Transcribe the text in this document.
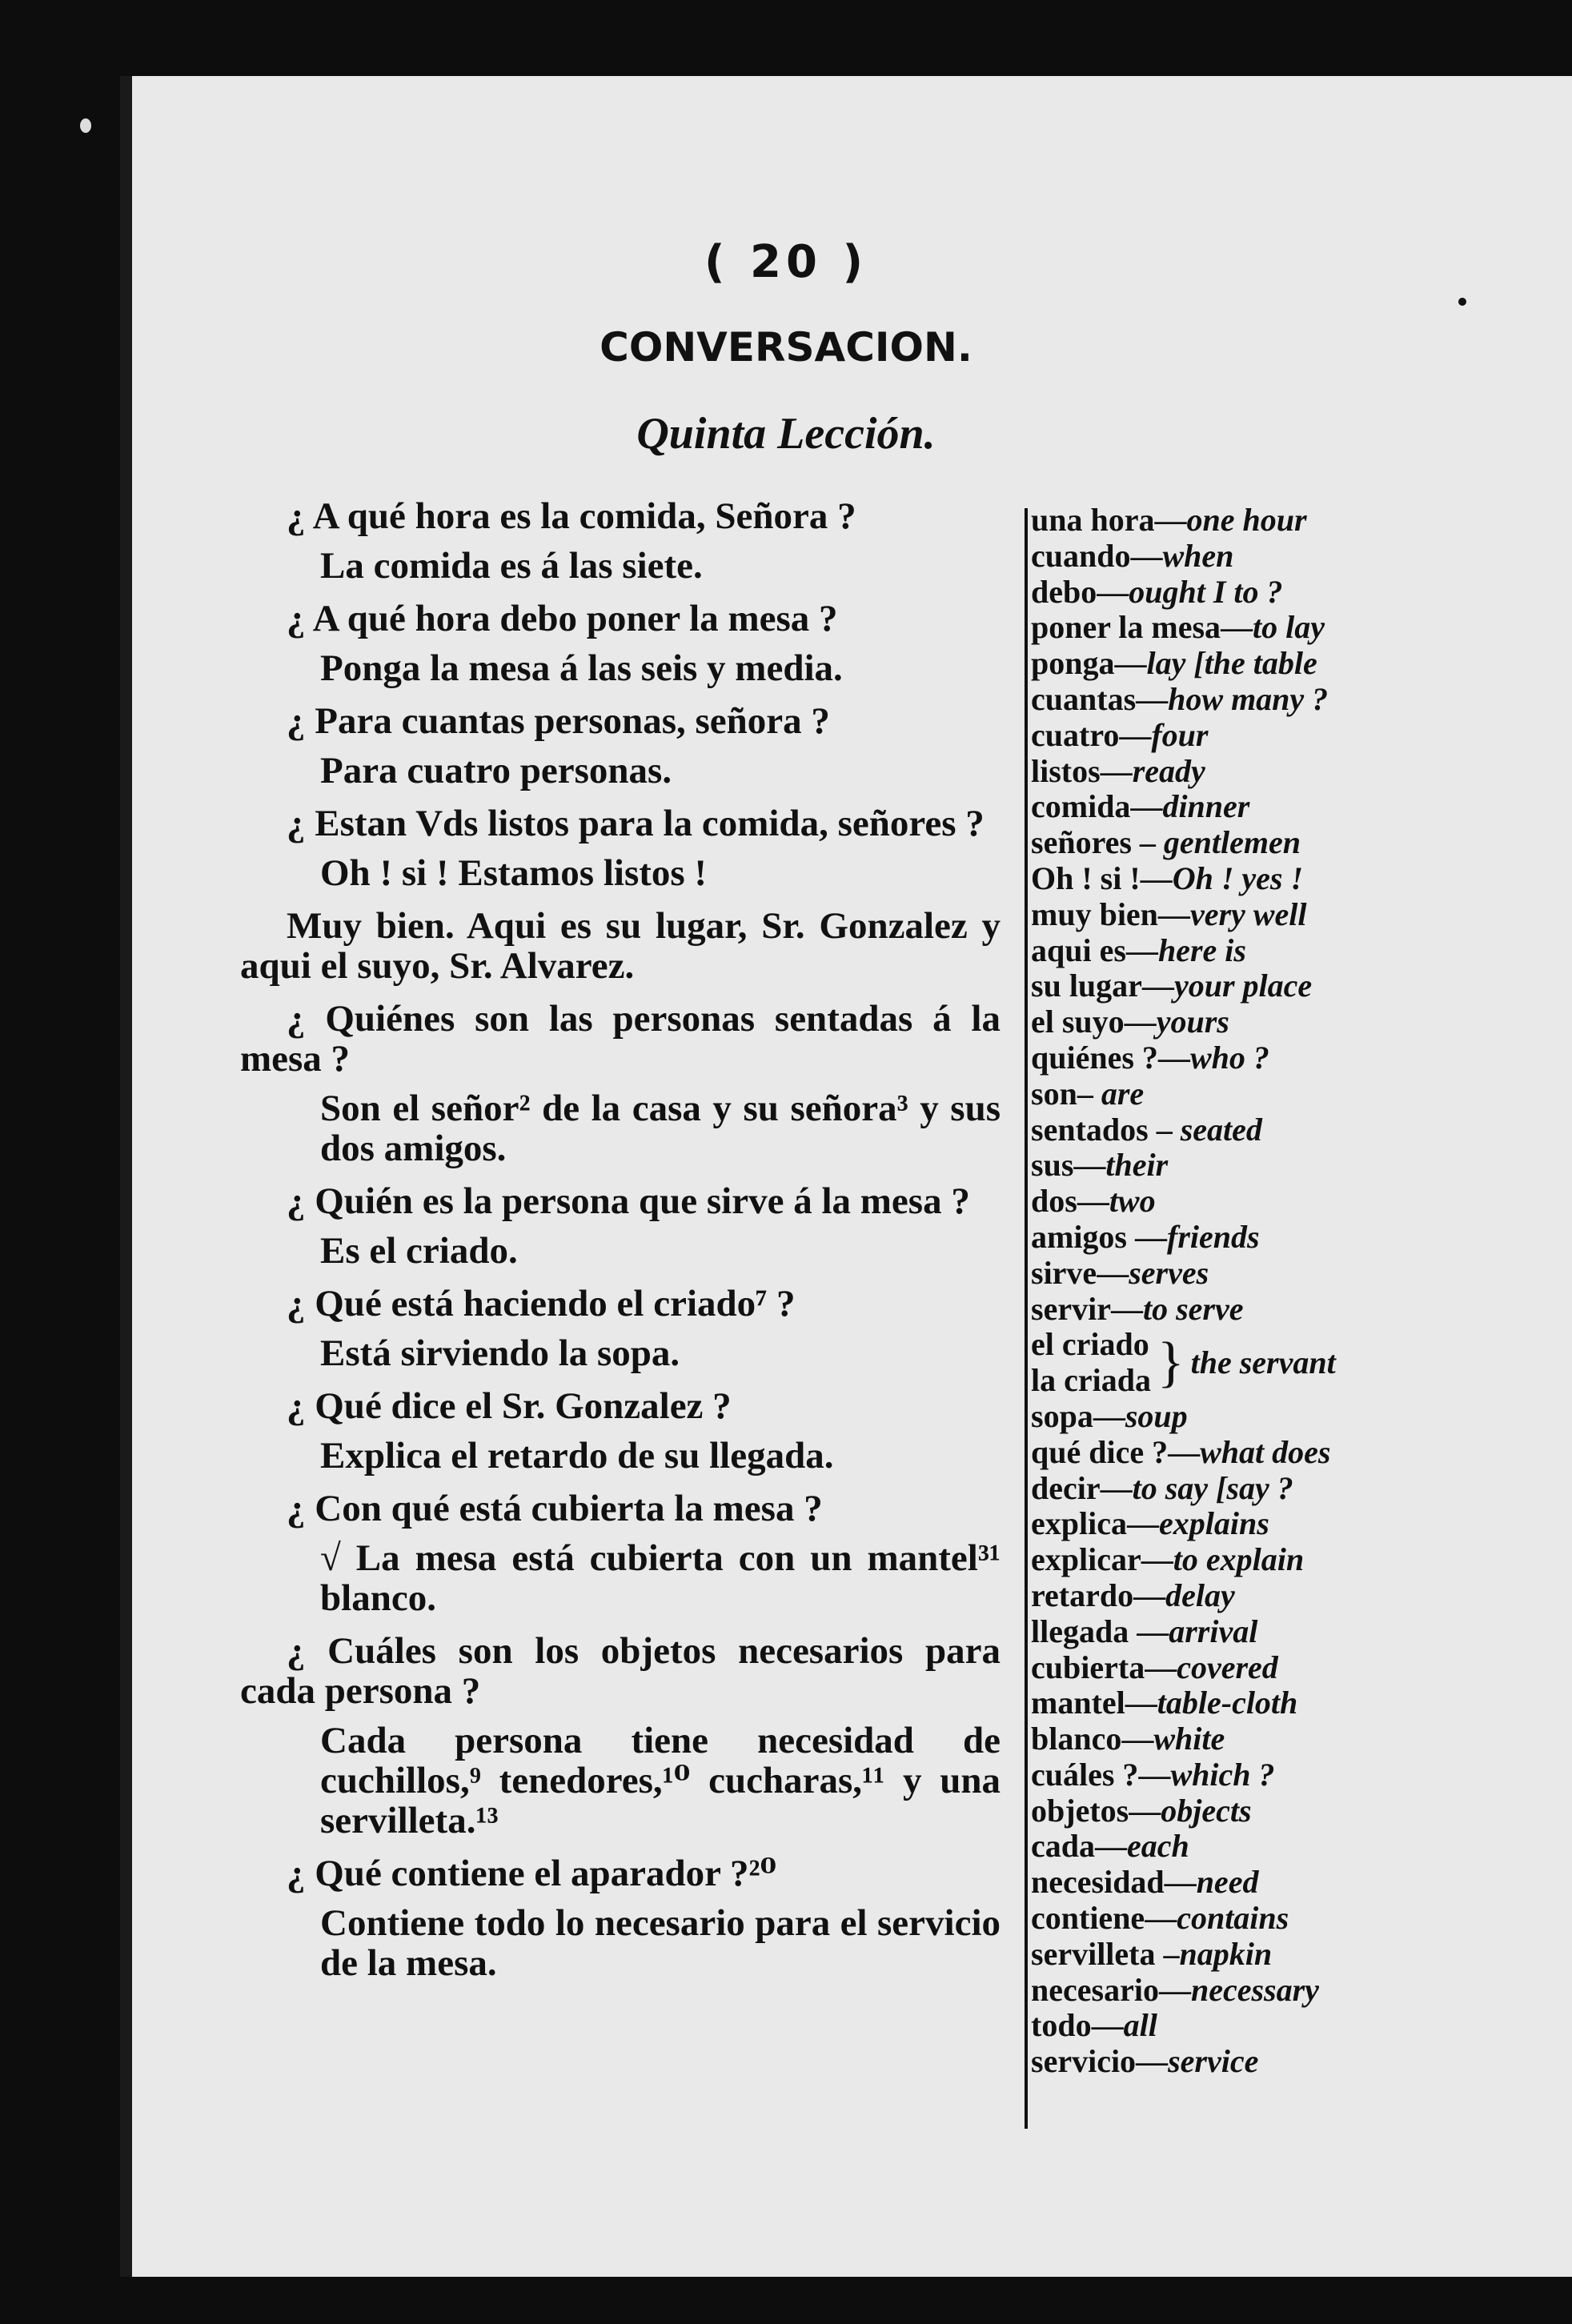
( 20 )
CONVERSACION.
Quinta Lección.

¿ A qué hora es la comida, Señora ?

La comida es á las siete.

¿ A qué hora debo poner la mesa ?

Ponga la mesa á las seis y media.

¿ Para cuantas personas, señora ?

Para cuatro personas.

¿ Estan Vds listos para la comida, señores ?

Oh ! si ! Estamos listos !

Muy bien. Aqui es su lugar, Sr. Gonzalez y aqui el suyo, Sr. Alvarez.

¿ Quiénes son las personas sentadas á la mesa ?

Son el señor² de la casa y su señora³ y sus dos amigos.

¿ Quién es la persona que sirve á la mesa ?

Es el criado.

¿ Qué está haciendo el criado⁷ ?

Está sirviendo la sopa.

¿ Qué dice el Sr. Gonzalez ?

Explica el retardo de su llegada.

¿ Con qué está cubierta la mesa ?

√ La mesa está cubierta con un mantel³¹ blanco.

¿ Cuáles son los objetos necesarios para cada persona ?

Cada persona tiene necesidad de cuchillos,⁹ tenedores,¹⁰ cucharas,¹¹ y una servilleta.¹³

¿ Qué contiene el aparador ?²⁰

Contiene todo lo necesario para el servicio de la mesa.

una hora—one hour
cuando—when
debo—ought I to ?
poner la mesa—to lay
ponga—lay [the table
cuantas—how many ?
cuatro—four
listos—ready
comida—dinner
señores – gentlemen
Oh ! si !—Oh ! yes !
muy bien—very well
aqui es—here is
su lugar—your place
el suyo—yours
quiénes ?—who ?
son– are
sentados – seated
sus—their
dos—two
amigos —friends
sirve—serves
servir—to serve
el criado
la criada } the servant
sopa—soup
qué dice ?—what does
decir—to say [say ?
explica—explains
explicar—to explain
retardo—delay
llegada —arrival
cubierta—covered
mantel—table-cloth
blanco—white
cuáles ?—which ?
objetos—objects
cada—each
necesidad—need
contiene—contains
servilleta –napkin
necesario—necessary
todo—all
servicio—service
